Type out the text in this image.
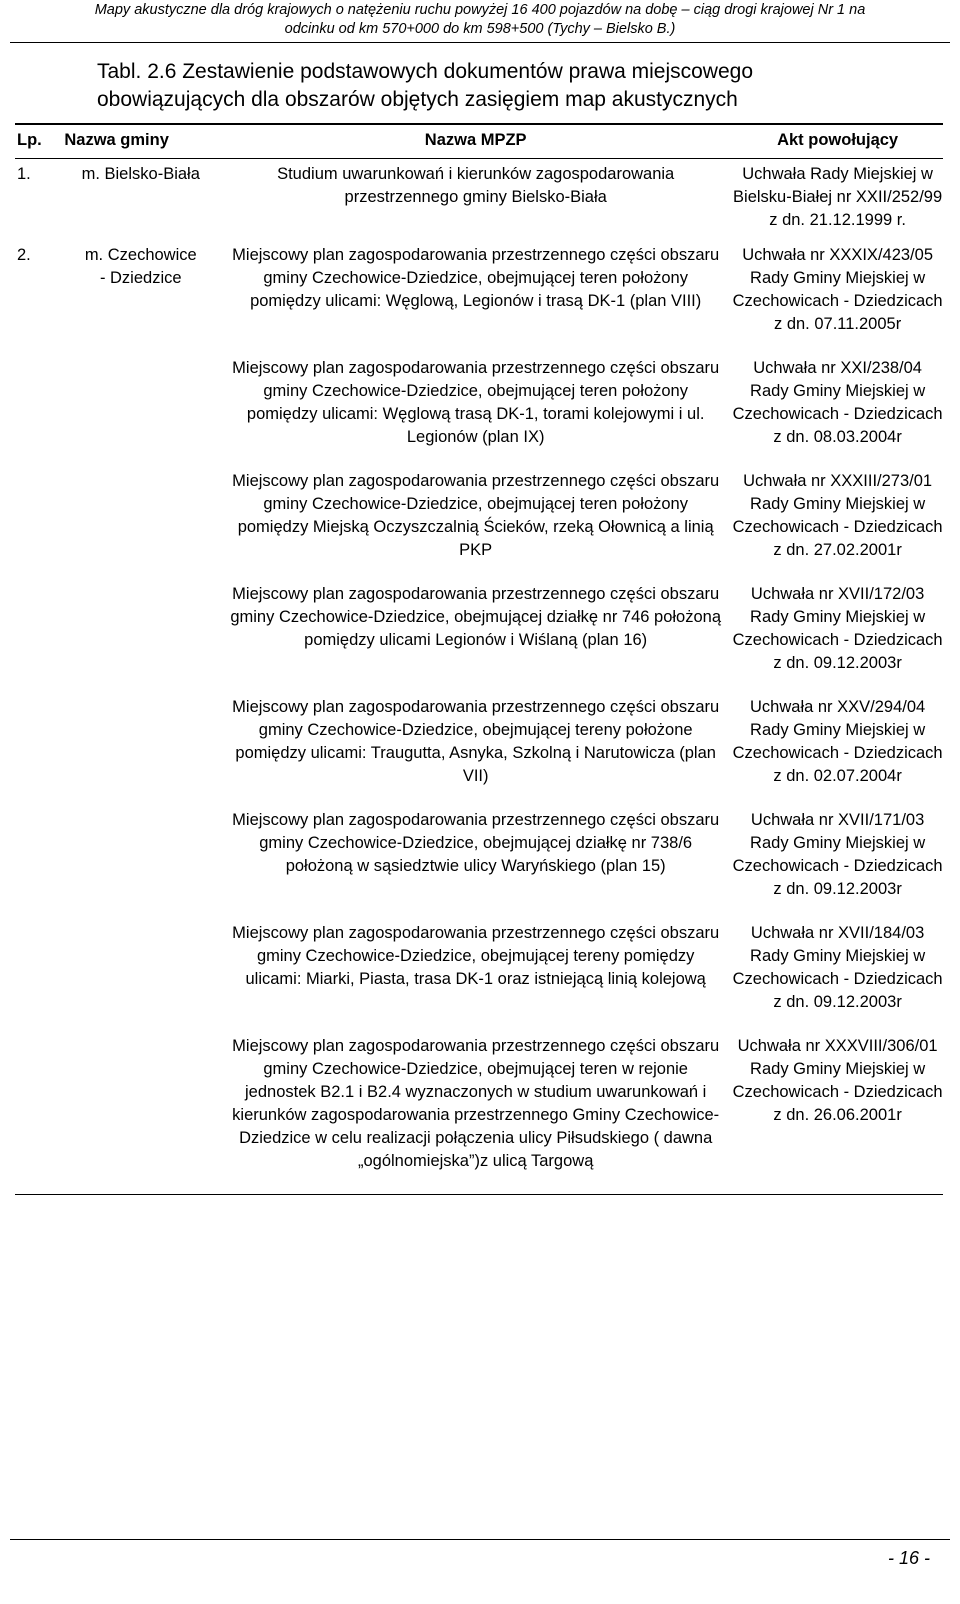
Mapy akustyczne dla dróg krajowych o natężeniu ruchu powyżej 16 400 pojazdów na dobę – ciąg drogi krajowej Nr 1 na
odcinku od km 570+000 do km 598+500 (Tychy – Bielsko B.)
Tabl. 2.6 Zestawienie podstawowych dokumentów prawa miejscowego
obowiązujących dla obszarów objętych zasięgiem map akustycznych
Lp.	Nazwa gminy	Nazwa MPZP	Akt powołujący
1.	m. Bielsko-Biała	Studium uwarunkowań i kierunków zagospodarowania przestrzennego gminy Bielsko-Biała	Uchwała Rady Miejskiej w Bielsku-Białej nr XXII/252/99 z dn. 21.12.1999 r.
2.	m. Czechowice - Dziedzice	Miejscowy plan zagospodarowania przestrzennego części obszaru gminy Czechowice-Dziedzice, obejmującej teren położony pomiędzy ulicami: Węglową, Legionów i trasą DK-1 (plan VIII)	Uchwała nr XXXIX/423/05 Rady Gminy Miejskiej w Czechowicach - Dziedzicach z dn. 07.11.2005r

		Miejscowy plan zagospodarowania przestrzennego części obszaru gminy Czechowice-Dziedzice, obejmującej teren położony pomiędzy ulicami: Węglową trasą DK-1, torami kolejowymi i ul. Legionów (plan IX)	Uchwała nr XXI/238/04 Rady Gminy Miejskiej w Czechowicach - Dziedzicach z dn. 08.03.2004r

		Miejscowy plan zagospodarowania przestrzennego części obszaru gminy Czechowice-Dziedzice, obejmującej teren położony pomiędzy Miejską Oczyszczalnią Ścieków, rzeką Ołownicą a linią PKP	Uchwała nr XXXIII/273/01 Rady Gminy Miejskiej w Czechowicach - Dziedzicach z dn. 27.02.2001r

		Miejscowy plan zagospodarowania przestrzennego części obszaru gminy Czechowice-Dziedzice, obejmującej działkę nr 746 położoną pomiędzy ulicami Legionów i Wiślaną (plan 16)	Uchwała nr XVII/172/03 Rady Gminy Miejskiej w Czechowicach - Dziedzicach z dn. 09.12.2003r

		Miejscowy plan zagospodarowania przestrzennego części obszaru gminy Czechowice-Dziedzice, obejmującej tereny położone pomiędzy ulicami: Traugutta, Asnyka, Szkolną i Narutowicza (plan VII)	Uchwała nr XXV/294/04 Rady Gminy Miejskiej w Czechowicach - Dziedzicach z dn. 02.07.2004r

		Miejscowy plan zagospodarowania przestrzennego części obszaru gminy Czechowice-Dziedzice, obejmującej działkę nr 738/6 położoną w sąsiedztwie ulicy Waryńskiego (plan 15)	Uchwała nr XVII/171/03 Rady Gminy Miejskiej w Czechowicach - Dziedzicach z dn. 09.12.2003r

		Miejscowy plan zagospodarowania przestrzennego części obszaru gminy Czechowice-Dziedzice, obejmującej tereny pomiędzy ulicami: Miarki, Piasta, trasa DK-1 oraz istniejącą linią kolejową	Uchwała nr XVII/184/03 Rady Gminy Miejskiej w Czechowicach - Dziedzicach z dn. 09.12.2003r

		Miejscowy plan zagospodarowania przestrzennego części obszaru gminy Czechowice-Dziedzice, obejmującej teren w rejonie jednostek B2.1 i B2.4 wyznaczonych w studium uwarunkowań i kierunków zagospodarowania przestrzennego Gminy Czechowice-Dziedzice w celu realizacji połączenia ulicy Piłsudskiego ( dawna „ogólnomiejska”)z ulicą Targową	Uchwała nr XXXVIII/306/01 Rady Gminy Miejskiej w Czechowicach - Dziedzicach z dn. 26.06.2001r
- 16 -
